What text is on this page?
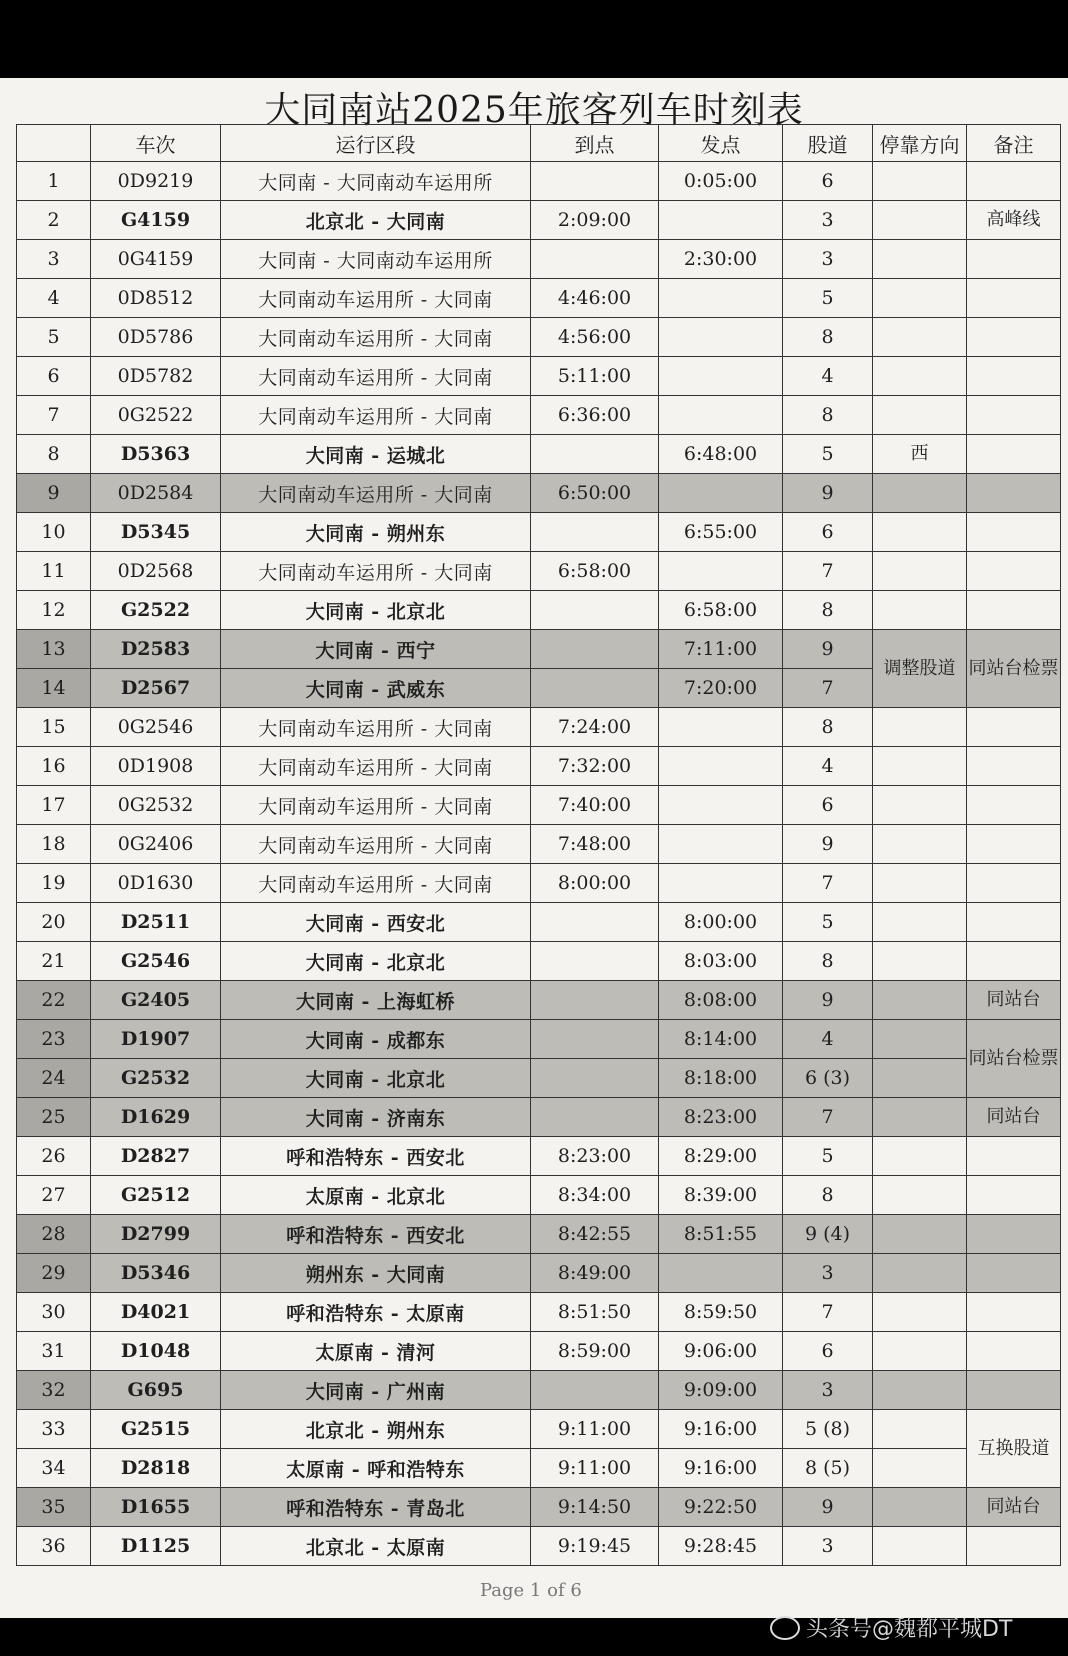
大同南站2025年旅客列车时刻表
	车次	运行区段	到点	发点	股道	停靠方向	备注
1	0D9219	大同南 - 大同南动车运用所		0:05:00	6		
2	G4159	北京北 - 大同南	2:09:00		3		高峰线
3	0G4159	大同南 - 大同南动车运用所		2:30:00	3		
4	0D8512	大同南动车运用所 - 大同南	4:46:00		5		
5	0D5786	大同南动车运用所 - 大同南	4:56:00		8		
6	0D5782	大同南动车运用所 - 大同南	5:11:00		4		
7	0G2522	大同南动车运用所 - 大同南	6:36:00		8		
8	D5363	大同南 - 运城北		6:48:00	5	西	
9	0D2584	大同南动车运用所 - 大同南	6:50:00		9		
10	D5345	大同南 - 朔州东		6:55:00	6		
11	0D2568	大同南动车运用所 - 大同南	6:58:00		7		
12	G2522	大同南 - 北京北		6:58:00	8		
13	D2583	大同南 - 西宁		7:11:00	9	调整股道	同站台检票
14	D2567	大同南 - 武威东		7:20:00	7		
15	0G2546	大同南动车运用所 - 大同南	7:24:00		8		
16	0D1908	大同南动车运用所 - 大同南	7:32:00		4		
17	0G2532	大同南动车运用所 - 大同南	7:40:00		6		
18	0G2406	大同南动车运用所 - 大同南	7:48:00		9		
19	0D1630	大同南动车运用所 - 大同南	8:00:00		7		
20	D2511	大同南 - 西安北		8:00:00	5		
21	G2546	大同南 - 北京北		8:03:00	8		
22	G2405	大同南 - 上海虹桥		8:08:00	9		同站台
23	D1907	大同南 - 成都东		8:14:00	4		同站台检票
24	G2532	大同南 - 北京北		8:18:00	6 (3)		
25	D1629	大同南 - 济南东		8:23:00	7		同站台
26	D2827	呼和浩特东 - 西安北	8:23:00	8:29:00	5		
27	G2512	太原南 - 北京北	8:34:00	8:39:00	8		
28	D2799	呼和浩特东 - 西安北	8:42:55	8:51:55	9 (4)		
29	D5346	朔州东 - 大同南	8:49:00		3		
30	D4021	呼和浩特东 - 太原南	8:51:50	8:59:50	7		
31	D1048	太原南 - 清河	8:59:00	9:06:00	6		
32	G695	大同南 - 广州南		9:09:00	3		
33	G2515	北京北 - 朔州东	9:11:00	9:16:00	5 (8)		互换股道
34	D2818	太原南 - 呼和浩特东	9:11:00	9:16:00	8 (5)		
35	D1655	呼和浩特东 - 青岛北	9:14:50	9:22:50	9		同站台
36	D1125	北京北 - 太原南	9:19:45	9:28:45	3		
Page 1 of 6
头条号@魏都平城DT
